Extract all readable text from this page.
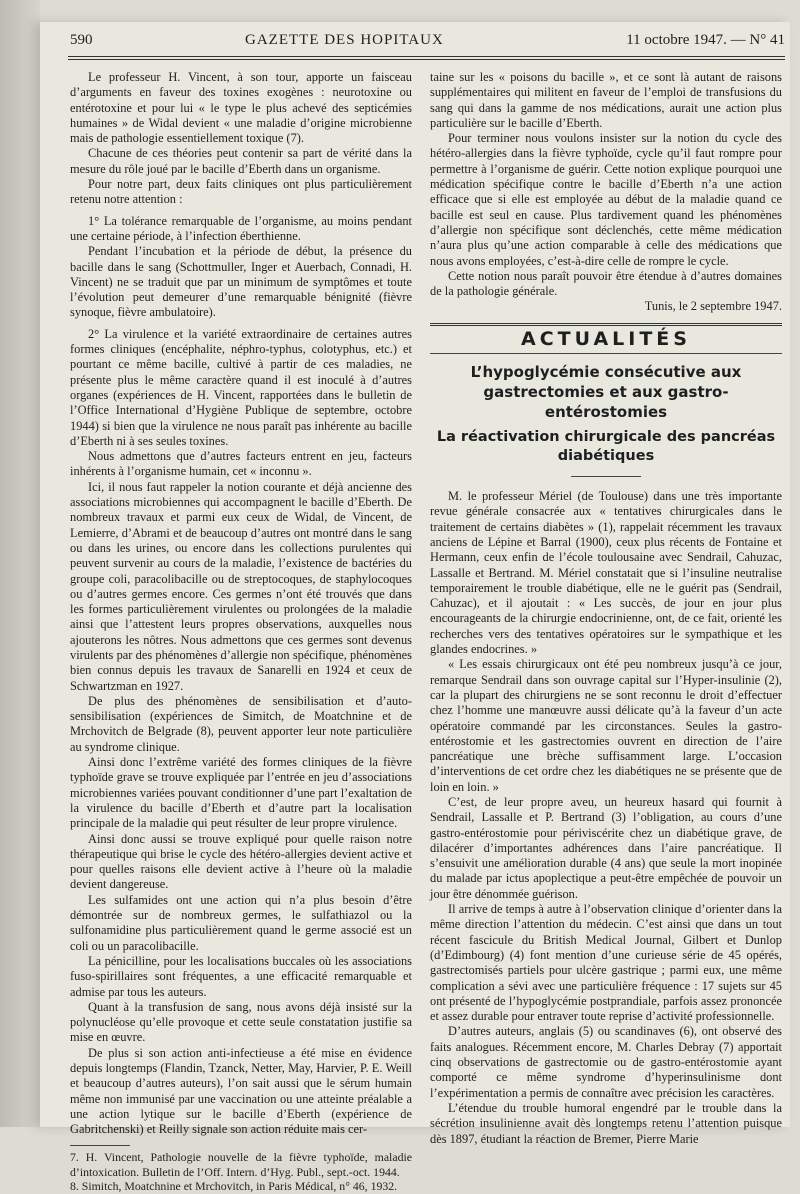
590	GAZETTE DES HOPITAUX	11 octobre 1947. — N° 41

Le professeur H. Vincent, à son tour, apporte un faisceau d’arguments en faveur des toxines exogènes : neurotoxine ou entérotoxine et pour lui « le type le plus achevé des septicémies humaines » de Widal devient « une maladie d’origine microbienne mais de pathologie essentiellement toxique (7).

Chacune de ces théories peut contenir sa part de vérité dans la mesure du rôle joué par le bacille d’Eberth dans un organisme.

Pour notre part, deux faits cliniques ont plus particulièrement retenu notre attention :

1° La tolérance remarquable de l’organisme, au moins pendant une certaine période, à l’infection éberthienne.

Pendant l’incubation et la période de début, la présence du bacille dans le sang (Schottmuller, Inger et Auerbach, Connadi, H. Vincent) ne se traduit que par un minimum de symptômes et toute l’évolution peut demeurer d’une remarquable bénignité (fièvre synoque, fièvre ambulatoire).

2° La virulence et la variété extraordinaire de certaines autres formes cliniques (encéphalite, néphro-typhus, colotyphus, etc.) et pourtant ce même bacille, cultivé à partir de ces maladies, ne présente plus le même caractère quand il est inoculé à d’autres organes (expériences de H. Vincent, rapportées dans le bulletin de l’Office International d’Hygiène Publique de septembre, octobre 1944) si bien que la virulence ne nous paraît pas inhérente au bacille d’Eberth ni à ses seules toxines.

Nous admettons que d’autres facteurs entrent en jeu, facteurs inhérents à l’organisme humain, cet « inconnu ».

Ici, il nous faut rappeler la notion courante et déjà ancienne des associations microbiennes qui accompagnent le bacille d’Eberth. De nombreux travaux et parmi eux ceux de Widal, de Vincent, de Lemierre, d’Abrami et de beaucoup d’autres ont montré dans le sang ou dans les urines, ou encore dans les collections purulentes qui peuvent survenir au cours de la maladie, l’existence de bactéries du groupe coli, paracolibacille ou de streptocoques, de staphylocoques ou d’autres germes encore. Ces germes n’ont été trouvés que dans les formes particulièrement virulentes ou prolongées de la maladie ainsi que l’attestent leurs propres observations, auxquelles nous ajouterons les nôtres. Nous admettons que ces germes sont devenus virulents par des phénomènes d’allergie non spécifique, phénomènes bien connus depuis les travaux de Sanarelli en 1924 et ceux de Schwartzman en 1927.

De plus des phénomènes de sensibilisation et d’auto-sensibilisation (expériences de Simitch, de Moatchnine et de Mrchovitch de Belgrade (8), peuvent apporter leur note particulière au syndrome clinique.

Ainsi donc l’extrême variété des formes cliniques de la fièvre typhoïde grave se trouve expliquée par l’entrée en jeu d’associations microbiennes variées pouvant conditionner d’une part l’exaltation de la virulence du bacille d’Eberth et d’autre part la localisation principale de la maladie qui peut résulter de leur propre virulence.

Ainsi donc aussi se trouve expliqué pour quelle raison notre thérapeutique qui brise le cycle des hétéro-allergies devient active et pour quelles raisons elle devient active à l’heure où la maladie devient dangereuse.

Les sulfamides ont une action qui n’a plus besoin d’être démontrée sur de nombreux germes, le sulfathiazol ou la sulfonamidine plus particulièrement quand le germe associé est un coli ou un paracolibacille.

La pénicilline, pour les localisations buccales où les associations fuso-spirillaires sont fréquentes, a une efficacité remarquable et admise par tous les auteurs.

Quant à la transfusion de sang, nous avons déjà insisté sur la polynucléose qu’elle provoque et cette seule constatation justifie sa mise en œuvre.

De plus si son action anti-infectieuse a été mise en évidence depuis longtemps (Flandin, Tzanck, Netter, May, Harvier, P. E. Weill et beaucoup d’autres auteurs), l’on sait aussi que le sérum humain même non immunisé par une vaccination ou une atteinte préalable a une action lytique sur le bacille d’Eberth (expérience de Gabritchenski) et Reilly signale son action réduite mais cer-

7. H. Vincent, Pathologie nouvelle de la fièvre typhoïde, maladie d’intoxication. Bulletin de l’Off. Intern. d’Hyg. Publ., sept.-oct. 1944.

8. Simitch, Moatchnine et Mrchovitch, in Paris Médical, n° 46, 1932.

taine sur les « poisons du bacille », et ce sont là autant de raisons supplémentaires qui militent en faveur de l’emploi de transfusions du sang qui dans la gamme de nos médications, aurait une action plus particulière sur le bacille d’Eberth.

Pour terminer nous voulons insister sur la notion du cycle des hétéro-allergies dans la fièvre typhoïde, cycle qu’il faut rompre pour permettre à l’organisme de guérir. Cette notion explique pourquoi une médication spécifique contre le bacille d’Eberth n’a une action efficace que si elle est employée au début de la maladie quand ce bacille est seul en cause. Plus tardivement quand les phénomènes d’allergie non spécifique sont déclenchés, cette même médication n’aura plus qu’une action comparable à celle des médications que nous avons employées, c’est-à-dire celle de rompre le cycle.

Cette notion nous paraît pouvoir être étendue à d’autres domaines de la pathologie générale.

Tunis, le 2 septembre 1947.

ACTUALITÉS
L’hypoglycémie consécutive aux gastrectomies et aux gastro-entérostomies
La réactivation chirurgicale des pancréas diabétiques

M. le professeur Mériel (de Toulouse) dans une très importante revue générale consacrée aux « tentatives chirurgicales dans le traitement de certains diabètes » (1), rappelait récemment les travaux anciens de Lépine et Barral (1900), ceux plus récents de Fontaine et Hermann, ceux enfin de l’école toulousaine avec Sendrail, Cahuzac, Lassalle et Bertrand. M. Mériel constatait que si l’insuline neutralise temporairement le trouble diabétique, elle ne le guérit pas (Sendrail, Cahuzac), et il ajoutait : « Les succès, de jour en jour plus encourageants de la chirurgie endocrinienne, ont, de ce fait, orienté les recherches vers des tentatives opératoires sur le sympathique et les glandes endocrines. »

« Les essais chirurgicaux ont été peu nombreux jusqu’à ce jour, remarque Sendrail dans son ouvrage capital sur l’Hyper-insulinie (2), car la plupart des chirurgiens ne se sont reconnu le droit d’effectuer chez l’homme une manœuvre aussi délicate qu’à la faveur d’un acte opératoire commandé par les circonstances. Seules la gastro-entérostomie et les gastrectomies ouvrent en direction de l’aire pancréatique une brèche suffisamment large. L’occasion d’interventions de cet ordre chez les diabétiques ne se présente que de loin en loin. »

C’est, de leur propre aveu, un heureux hasard qui fournit à Sendrail, Lassalle et P. Bertrand (3) l’obligation, au cours d’une gastro-entérostomie pour périviscérite chez un diabétique grave, de dilacérer d’importantes adhérences dans l’aire pancréatique. Il s’ensuivit une amélioration durable (4 ans) que seule la mort inopinée du malade par ictus apoplectique a peut-être empêchée de pouvoir un jour être dénommée guérison.

Il arrive de temps à autre à l’observation clinique d’orienter dans la même direction l’attention du médecin. C’est ainsi que dans un tout récent fascicule du British Medical Journal, Gilbert et Dunlop (d’Edimbourg) (4) font mention d’une curieuse série de 45 opérés, gastrectomisés partiels pour ulcère gastrique ; parmi eux, une même complication a sévi avec une particulière fréquence : 17 sujets sur 45 ont présenté de l’hypoglycémie postprandiale, parfois assez prononcée et assez durable pour entraver toute reprise d’activité professionnelle.

D’autres auteurs, anglais (5) ou scandinaves (6), ont observé des faits analogues. Récemment encore, M. Charles Debray (7) apportait cinq observations de gastrectomie ou de gastro-entérostomie ayant comporté ce même syndrome d’hyperinsulinisme dont l’expérimentation a permis de connaître avec précision les caractères.

L’étendue du trouble humoral engendré par le trouble dans la sécrétion insulinienne avait dès longtemps retenu l’attention puisque dès 1897, étudiant la réaction de Bremer, Pierre Marie
